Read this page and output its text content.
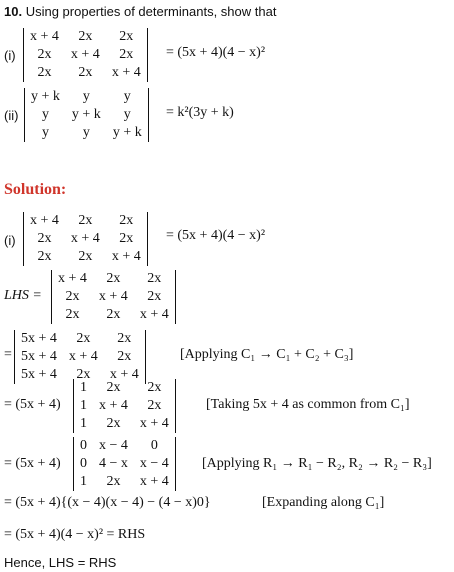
10. Using properties of determinants, show that
(i)
x + 4	2x	2x
2x	x + 4	2x
2x	2x	x + 4
= (5x + 4)(4 − x)²
(ii)
y + k	y	y
y	y + k	y
y	y	y + k
= k²(3y + k)
Solution:
(i)
x + 4	2x	2x
2x	x + 4	2x
2x	2x	x + 4
= (5x + 4)(4 − x)²
LHS =
x + 4	2x	2x
2x	x + 4	2x
2x	2x	x + 4
=
5x + 4	2x	2x
5x + 4	x + 4	2x
5x + 4	2x	x + 4
[Applying C₁ → C₁ + C₂ + C₃]
= (5x + 4)
1	2x	2x
1	x + 4	2x
1	2x	x + 4
[Taking 5x + 4 as common from C₁]
= (5x + 4)
0	x − 4	0
0	4 − x	x − 4
1	2x	x + 4
[Applying R₁ → R₁ − R₂, R₂ → R₂ − R₃]
= (5x + 4){(x − 4)(x − 4) − (4 − x)0}	[Expanding along C₁]
= (5x + 4)(4 − x)² = RHS
Hence, LHS = RHS
